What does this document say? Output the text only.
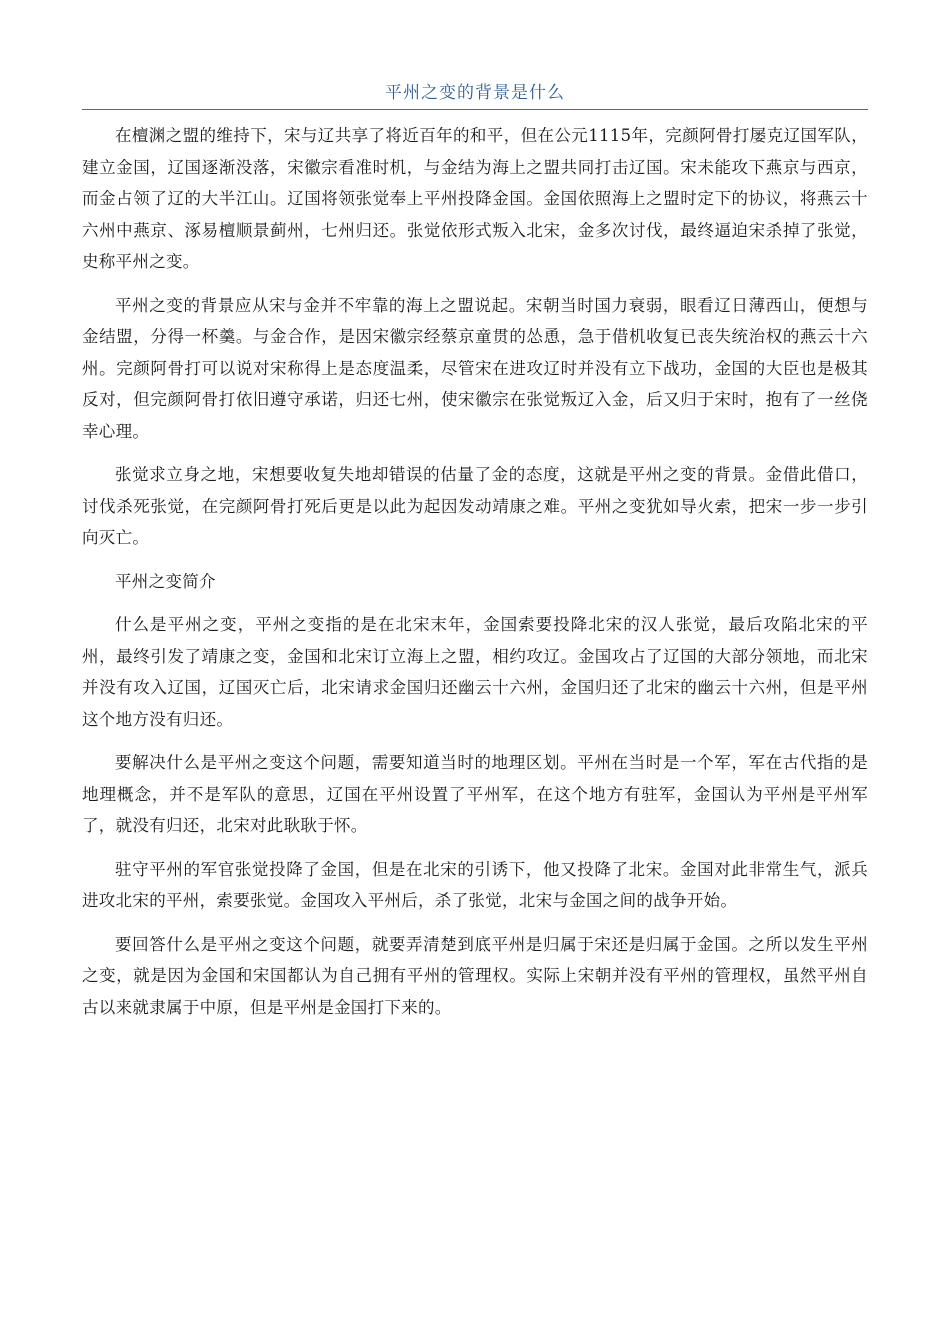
平州之变的背景是什么

在檀渊之盟的维持下，宋与辽共享了将近百年的和平，但在公元1115年，完颜阿骨打屡克辽国军队，建立金国，辽国逐渐没落，宋徽宗看准时机，与金结为海上之盟共同打击辽国。宋未能攻下燕京与西京，而金占领了辽的大半江山。辽国将领张觉奉上平州投降金国。金国依照海上之盟时定下的协议，将燕云十六州中燕京、涿易檀顺景蓟州，七州归还。张觉依形式叛入北宋，金多次讨伐，最终逼迫宋杀掉了张觉，史称平州之变。

平州之变的背景应从宋与金并不牢靠的海上之盟说起。宋朝当时国力衰弱，眼看辽日薄西山，便想与金结盟，分得一杯羹。与金合作，是因宋徽宗经蔡京童贯的怂恿，急于借机收复已丧失统治权的燕云十六州。完颜阿骨打可以说对宋称得上是态度温柔，尽管宋在进攻辽时并没有立下战功，金国的大臣也是极其反对，但完颜阿骨打依旧遵守承诺，归还七州，使宋徽宗在张觉叛辽入金，后又归于宋时，抱有了一丝侥幸心理。

张觉求立身之地，宋想要收复失地却错误的估量了金的态度，这就是平州之变的背景。金借此借口，讨伐杀死张觉，在完颜阿骨打死后更是以此为起因发动靖康之难。平州之变犹如导火索，把宋一步一步引向灭亡。

平州之变简介

什么是平州之变，平州之变指的是在北宋末年，金国索要投降北宋的汉人张觉，最后攻陷北宋的平州，最终引发了靖康之变，金国和北宋订立海上之盟，相约攻辽。金国攻占了辽国的大部分领地，而北宋并没有攻入辽国，辽国灭亡后，北宋请求金国归还幽云十六州，金国归还了北宋的幽云十六州，但是平州这个地方没有归还。

要解决什么是平州之变这个问题，需要知道当时的地理区划。平州在当时是一个军，军在古代指的是地理概念，并不是军队的意思，辽国在平州设置了平州军，在这个地方有驻军，金国认为平州是平州军了，就没有归还，北宋对此耿耿于怀。

驻守平州的军官张觉投降了金国，但是在北宋的引诱下，他又投降了北宋。金国对此非常生气，派兵进攻北宋的平州，索要张觉。金国攻入平州后，杀了张觉，北宋与金国之间的战争开始。

要回答什么是平州之变这个问题，就要弄清楚到底平州是归属于宋还是归属于金国。之所以发生平州之变，就是因为金国和宋国都认为自己拥有平州的管理权。实际上宋朝并没有平州的管理权，虽然平州自古以来就隶属于中原，但是平州是金国打下来的。
